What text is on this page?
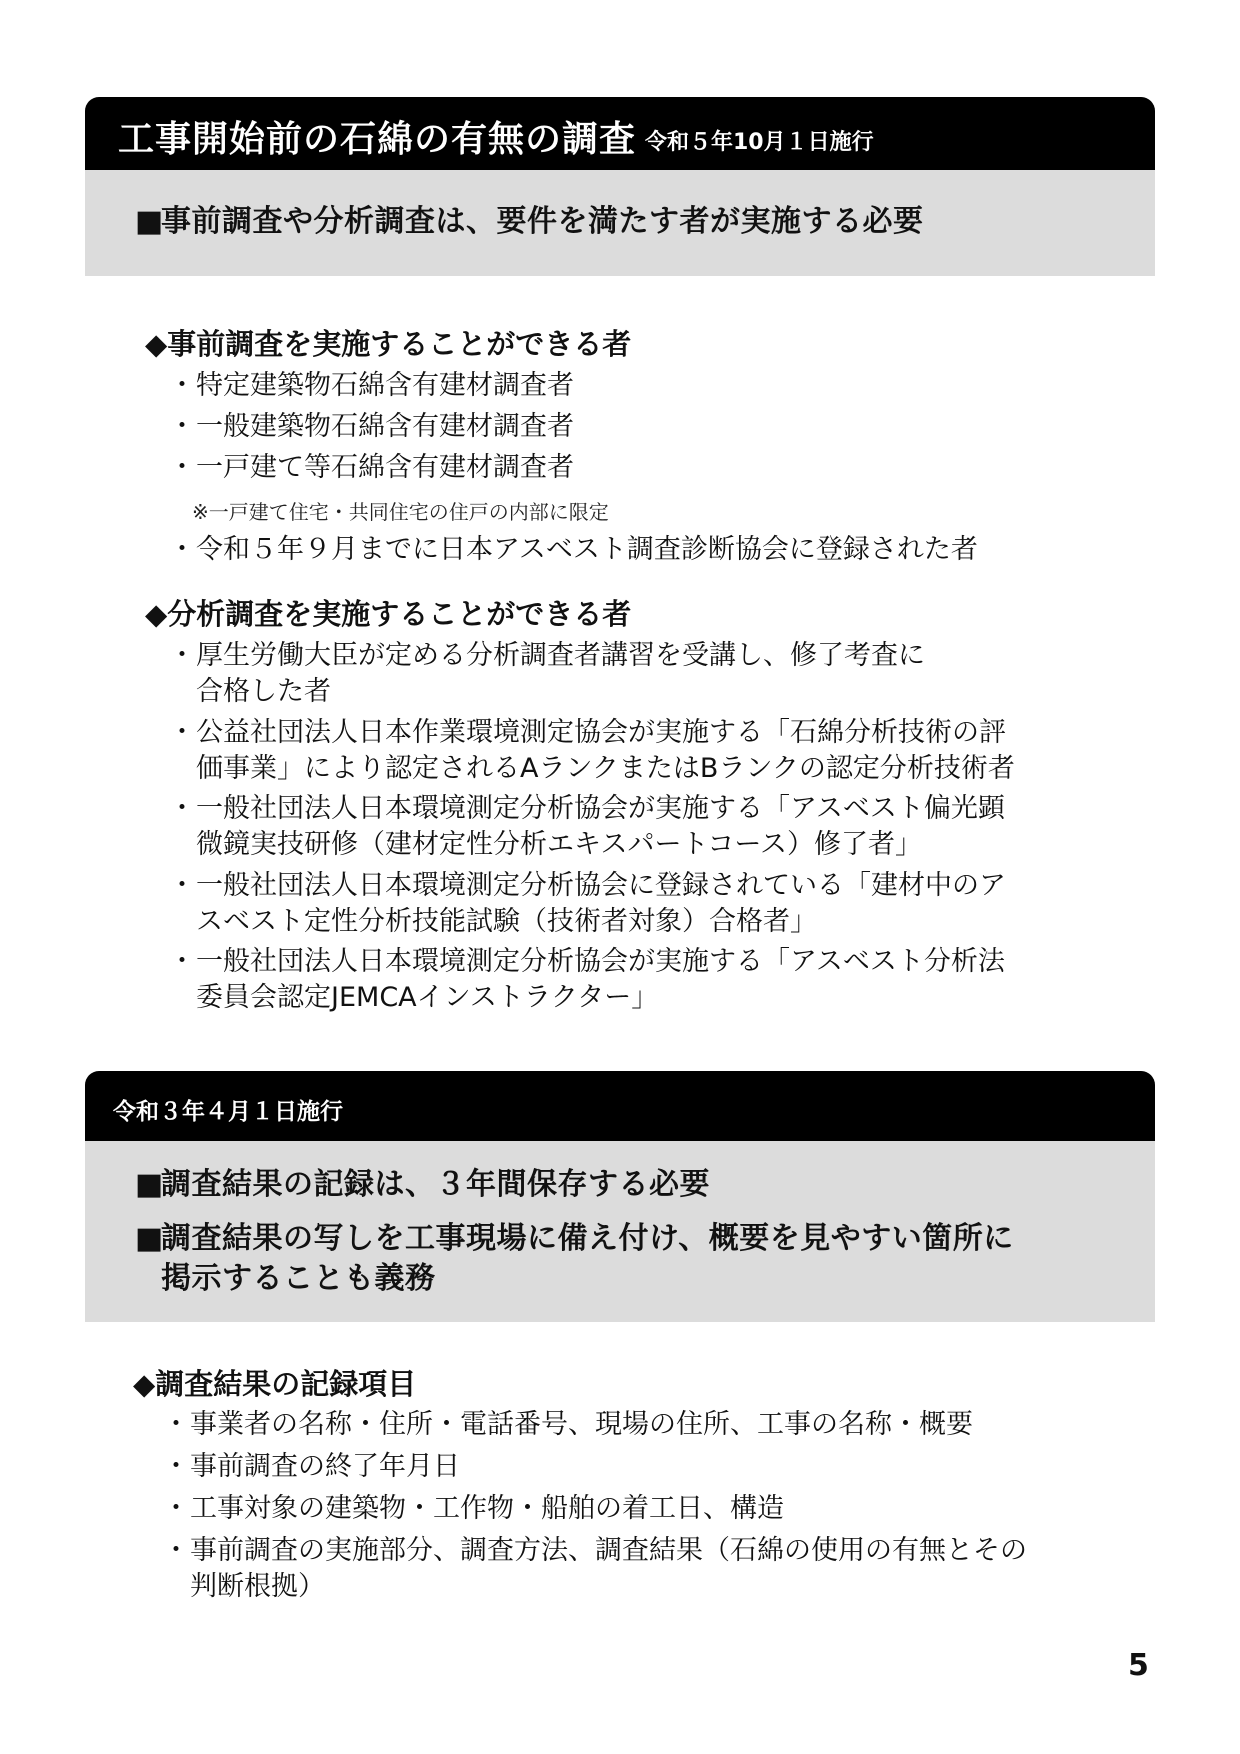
工事開始前の石綿の有無の調査 令和５年10月１日施行
■事前調査や分析調査は、要件を満たす者が実施する必要
◆事前調査を実施することができる者
・特定建築物石綿含有建材調査者
・一般建築物石綿含有建材調査者
・一戸建て等石綿含有建材調査者
※一戸建て住宅・共同住宅の住戸の内部に限定
・令和５年９月までに日本アスベスト調査診断協会に登録された者
◆分析調査を実施することができる者
・厚生労働大臣が定める分析調査者講習を受講し、修了考査に
合格した者
・公益社団法人日本作業環境測定協会が実施する「石綿分析技術の評
価事業」により認定されるAランクまたはBランクの認定分析技術者
・一般社団法人日本環境測定分析協会が実施する「アスベスト偏光顕
微鏡実技研修（建材定性分析エキスパートコース）修了者」
・一般社団法人日本環境測定分析協会に登録されている「建材中のア
スベスト定性分析技能試験（技術者対象）合格者」
・一般社団法人日本環境測定分析協会が実施する「アスベスト分析法
委員会認定JEMCAインストラクター」
令和３年４月１日施行
■調査結果の記録は、３年間保存する必要
■調査結果の写しを工事現場に備え付け、概要を見やすい箇所に
掲示することも義務
◆調査結果の記録項目
・事業者の名称・住所・電話番号、現場の住所、工事の名称・概要
・事前調査の終了年月日
・工事対象の建築物・工作物・船舶の着工日、構造
・事前調査の実施部分、調査方法、調査結果（石綿の使用の有無とその
判断根拠）
5
